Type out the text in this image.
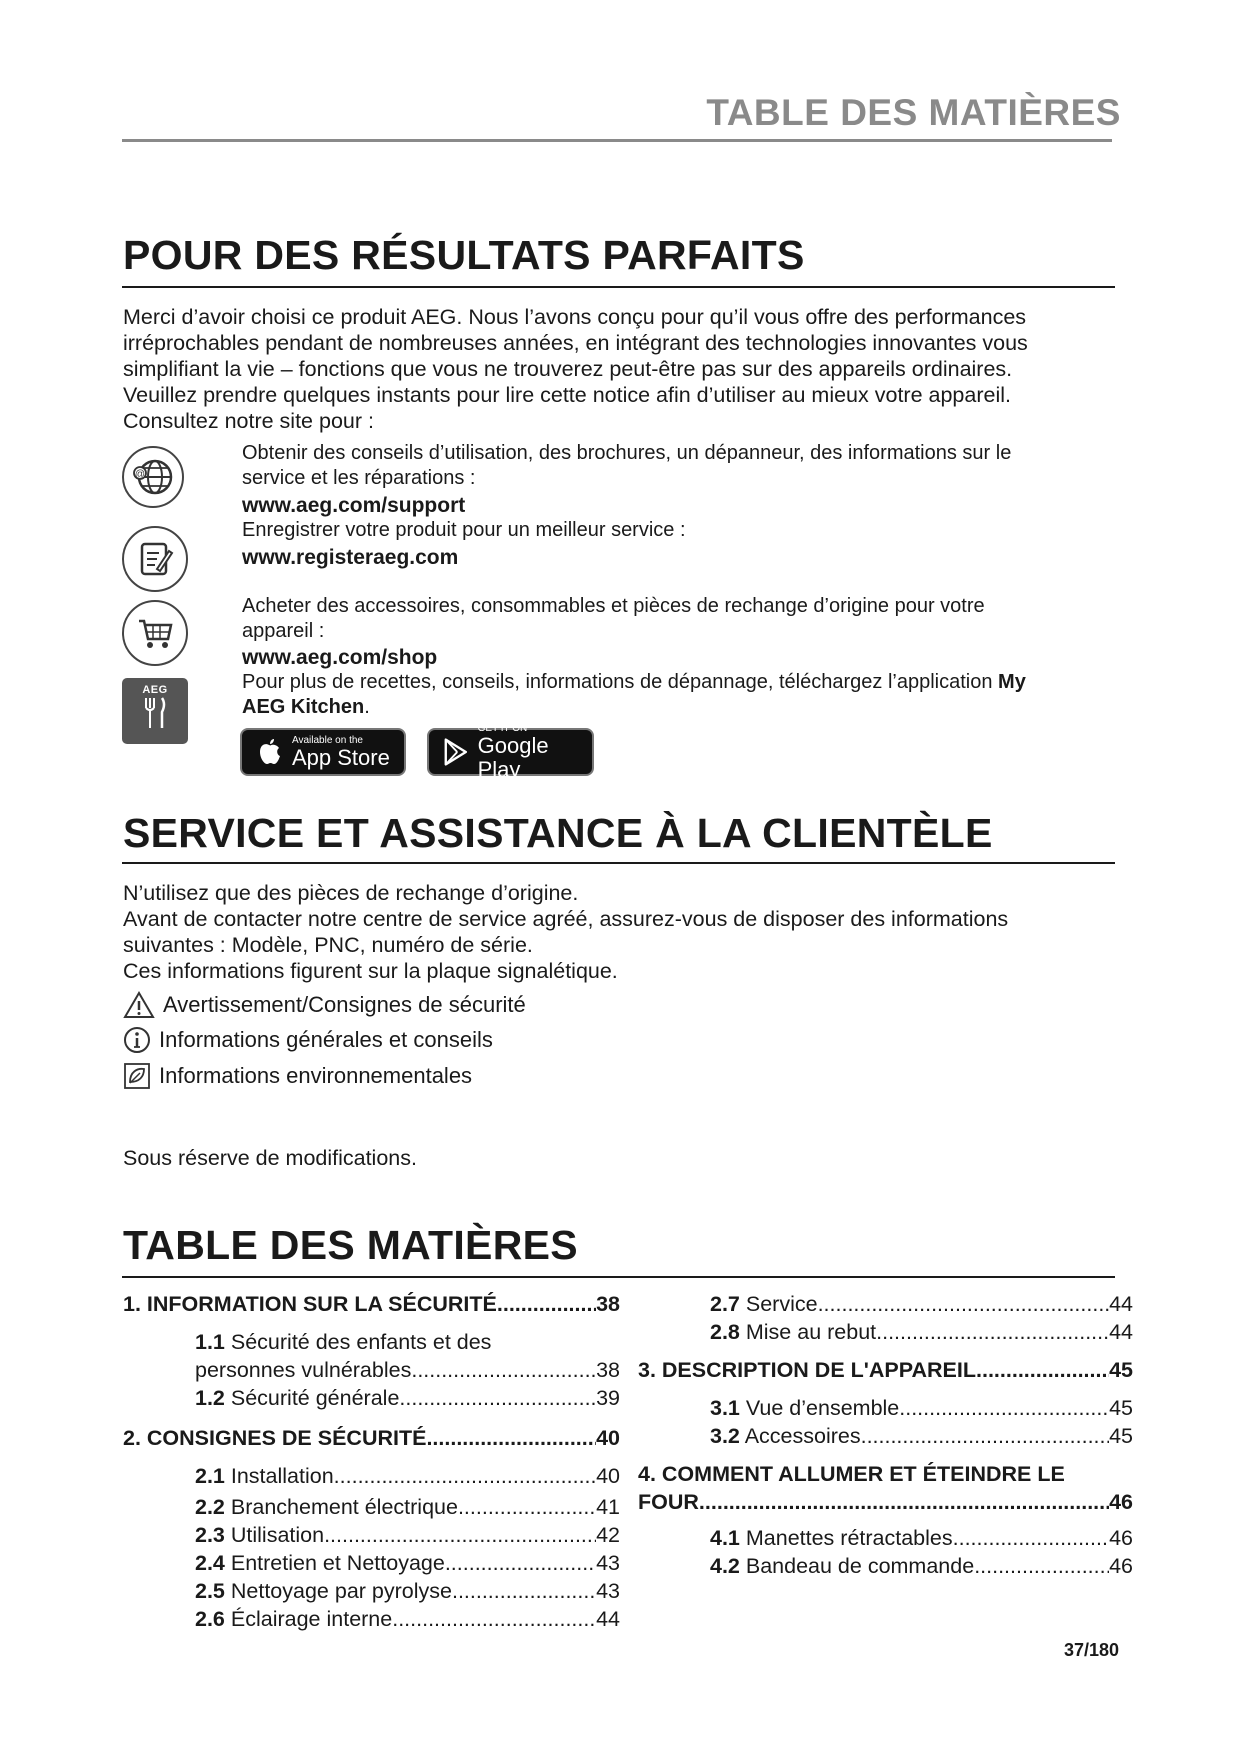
TABLE DES MATIÈRES
POUR DES RÉSULTATS PARFAITS
Merci d’avoir choisi ce produit AEG. Nous l’avons conçu pour qu’il vous offre des performances
irréprochables pendant de nombreuses années, en intégrant des technologies innovantes vous
simplifiant la vie – fonctions que vous ne trouverez peut-être pas sur des appareils ordinaires.
Veuillez prendre quelques instants pour lire cette notice afin d’utiliser au mieux votre appareil.
Consultez notre site pour :
@
AEG
Obtenir des conseils d’utilisation, des brochures, un dépanneur, des informations sur le
service et les réparations :
www.aeg.com/support
Enregistrer votre produit pour un meilleur service :
www.registeraeg.com
Acheter des accessoires, consommables et pièces de rechange d’origine pour votre
appareil :
www.aeg.com/shop
Pour plus de recettes, conseils, informations de dépannage, téléchargez l’application My
AEG Kitchen.
Available on the
App Store
GET IT ON
Google Play
SERVICE ET ASSISTANCE À LA CLIENTÈLE
N’utilisez que des pièces de rechange d’origine.
Avant de contacter notre centre de service agréé, assurez-vous de disposer des informations
suivantes : Modèle, PNC, numéro de série.
Ces informations figurent sur la plaque signalétique.
Avertissement/Consignes de sécurité
Informations générales et conseils
Informations environnementales
Sous réserve de modifications.
TABLE DES MATIÈRES
1. INFORMATION SUR LA SÉCURITÉ .....	38
1.1 Sécurité des enfants et des
personnes vulnérables .....	38
1.2 Sécurité générale .....	39
2. CONSIGNES DE SÉCURITÉ .....	40
2.1 Installation .....	40
2.2 Branchement électrique .....	41
2.3 Utilisation .....	42
2.4 Entretien et Nettoyage .....	43
2.5 Nettoyage par pyrolyse .....	43
2.6 Éclairage interne .....	44
2.7 Service .....	44
2.8 Mise au rebut .....	44
3. DESCRIPTION DE L'APPAREIL .....	45
3.1 Vue d’ensemble .....	45
3.2 Accessoires .....	45
4. COMMENT ALLUMER ET ÉTEINDRE LE
FOUR .....	46
4.1 Manettes rétractables .....	46
4.2 Bandeau de commande .....	46
37/180
